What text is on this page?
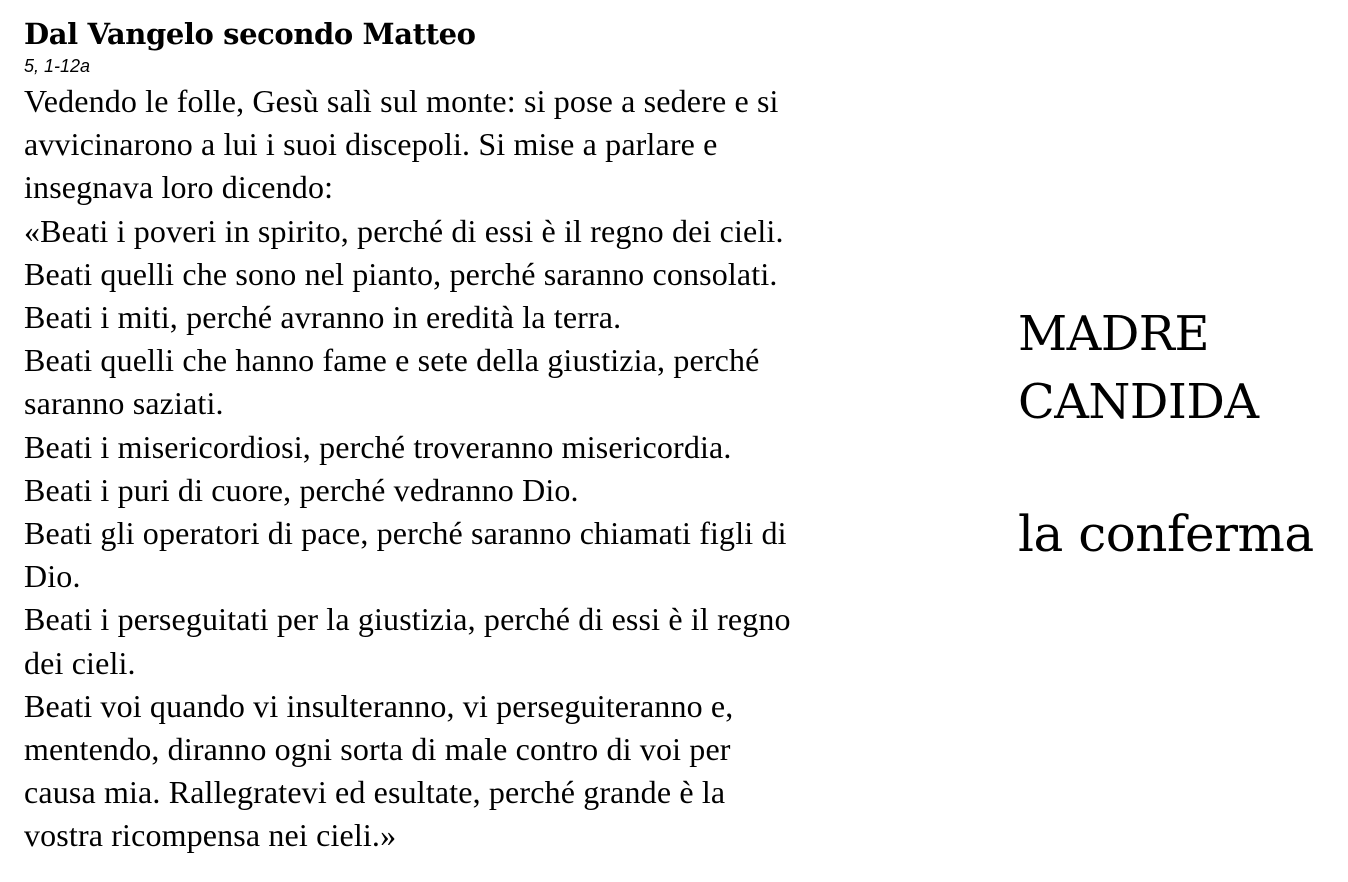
Dal Vangelo secondo Matteo

5, 1-12a

Vedendo le folle, Gesù salì sul monte: si pose a sedere e si
avvicinarono a lui i suoi discepoli. Si mise a parlare e
insegnava loro dicendo:
«Beati i poveri in spirito, perché di essi è il regno dei cieli.
Beati quelli che sono nel pianto, perché saranno consolati.
Beati i miti, perché avranno in eredità la terra.
Beati quelli che hanno fame e sete della giustizia, perché
saranno saziati.
Beati i misericordiosi, perché troveranno misericordia.
Beati i puri di cuore, perché vedranno Dio.
Beati gli operatori di pace, perché saranno chiamati figli di
Dio.
Beati i perseguitati per la giustizia, perché di essi è il regno
dei cieli.
Beati voi quando vi insulteranno, vi perseguiteranno e,
mentendo, diranno ogni sorta di male contro di voi per
causa mia. Rallegratevi ed esultate, perché grande è la
vostra ricompensa nei cieli.»

MADRE

CANDIDA

la conferma
